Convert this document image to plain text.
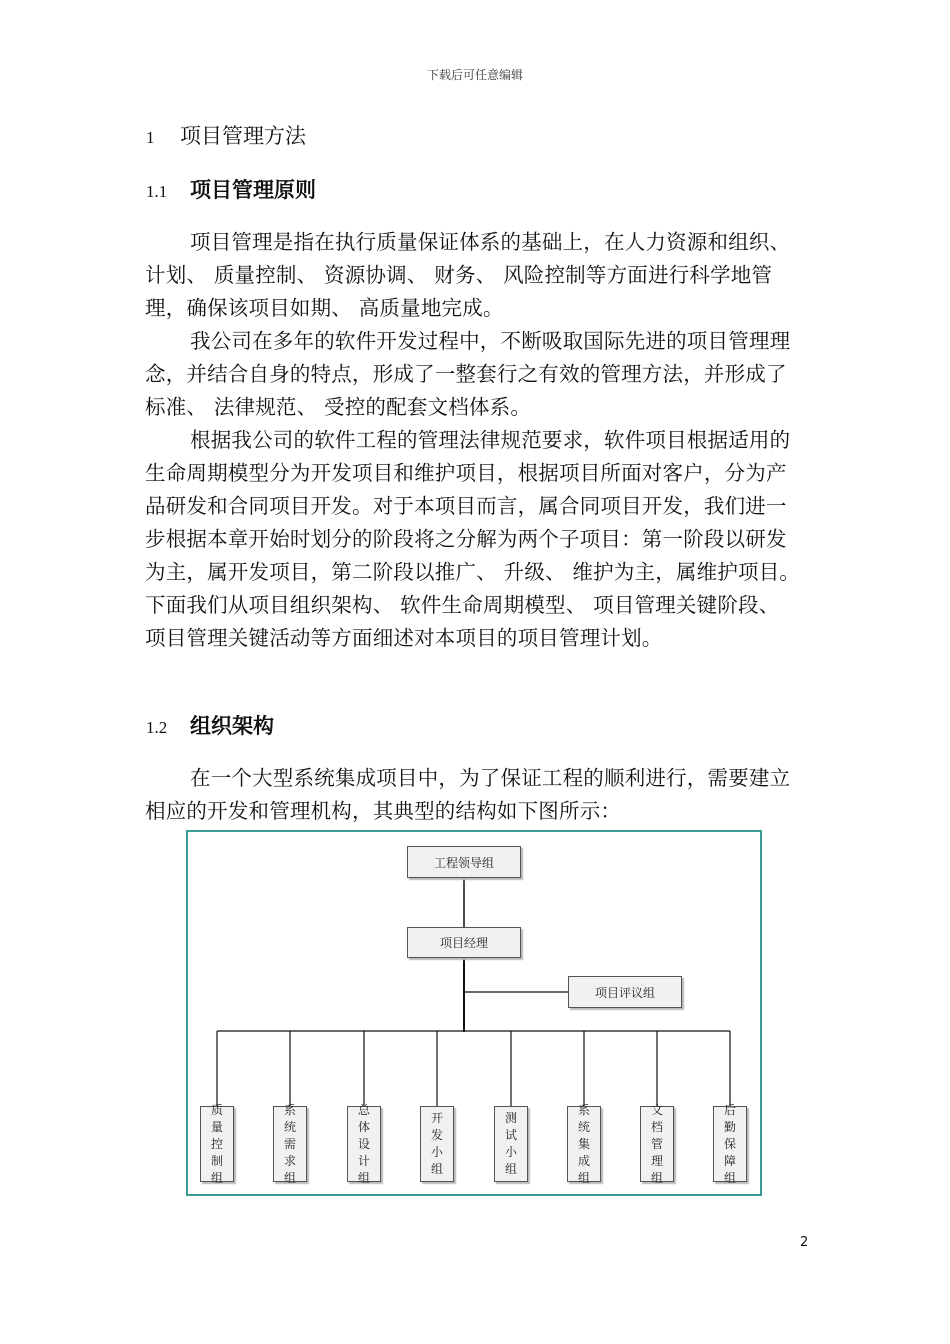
下载后可任意编辑
1 项目管理方法
1.1 项目管理原则

项目管理是指在执行质量保证体系的基础上，在人力资源和组织、 计划、 质量控制、 资源协调、 财务、 风险控制等方面进行科学地管理，确保该项目如期、 高质量地完成。

我公司在多年的软件开发过程中，不断吸取国际先进的项目管理理念，并结合自身的特点，形成了一整套行之有效的管理方法，并形成了标准、 法律规范、 受控的配套文档体系。

根据我公司的软件工程的管理法律规范要求，软件项目根据适用的生命周期模型分为开发项目和维护项目，根据项目所面对客户，分为产品研发和合同项目开发。对于本项目而言，属合同项目开发，我们进一步根据本章开始时划分的阶段将之分解为两个子项目：第一阶段以研发为主，属开发项目，第二阶段以推广、 升级、 维护为主，属维护项目。下面我们从项目组织架构、 软件生命周期模型、 项目管理关键阶段、 项目管理关键活动等方面细述对本项目的项目管理计划。

1.2 组织架构

在一个大型系统集成项目中，为了保证工程的顺利进行，需要建立相应的开发和管理机构，其典型的结构如下图所示：

工程领导组
项目经理
项目评议组
质量控制组
系统需求组
总体设计组
开发小组
测试小组
系统集成组
文档管理组
后勤保障组
2
